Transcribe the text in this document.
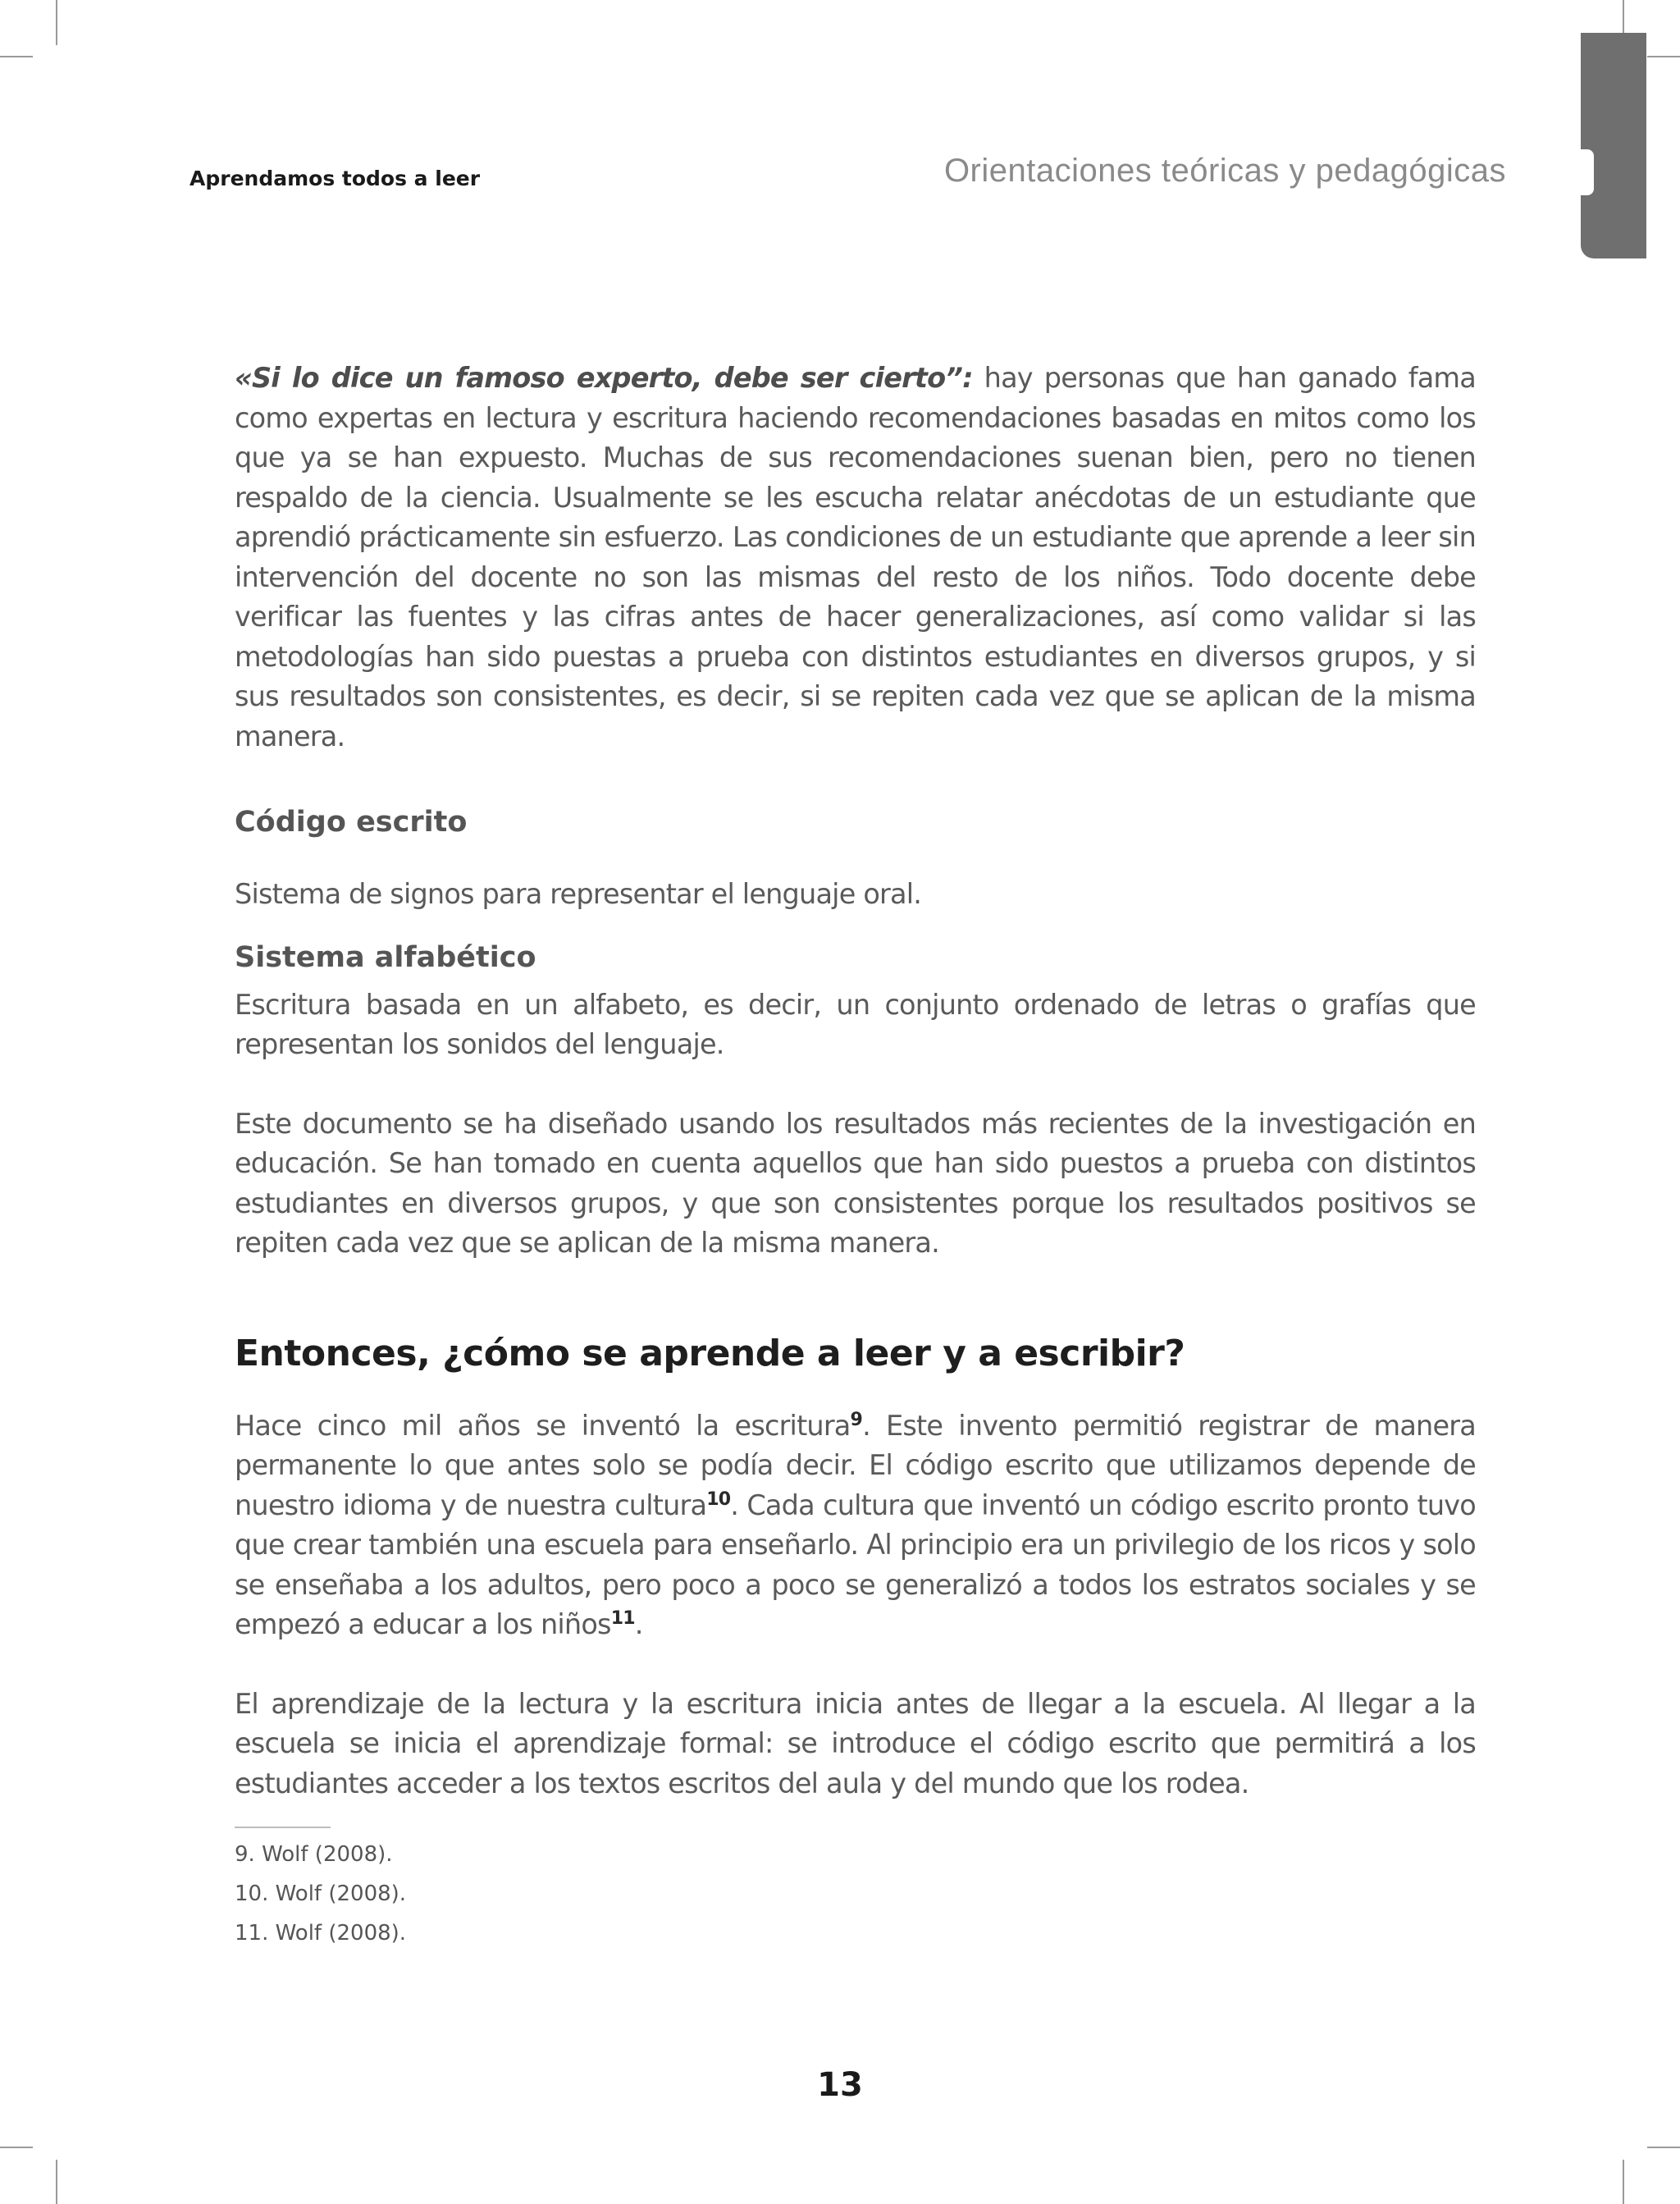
Aprendamos todos a leer	Orientaciones teóricas y pedagógicas

«Si lo dice un famoso experto, debe ser cierto”: hay personas que han ganado fama como expertas en lectura y escritura haciendo recomendaciones basadas en mitos como los que ya se han expuesto. Muchas de sus recomendaciones suenan bien, pero no tienen respaldo de la ciencia. Usualmente se les escucha relatar anécdotas de un estudiante que aprendió prácticamente sin esfuerzo. Las condiciones de un estudiante que aprende a leer sin intervención del docente no son las mismas del resto de los niños. Todo docente debe verificar las fuentes y las cifras antes de hacer generalizaciones, así como validar si las metodologías han sido puestas a prueba con distintos estudiantes en diversos grupos, y si sus resultados son consistentes, es decir, si se repiten cada vez que se aplican de la misma manera.

Código escrito

Sistema de signos para representar el lenguaje oral.

Sistema alfabético

Escritura basada en un alfabeto, es decir, un conjunto ordenado de letras o grafías que representan los sonidos del lenguaje.

Este documento se ha diseñado usando los resultados más recientes de la investigación en educación. Se han tomado en cuenta aquellos que han sido puestos a prueba con distintos estudiantes en diversos grupos, y que son consistentes porque los resultados positivos se repiten cada vez que se aplican de la misma manera.

Entonces, ¿cómo se aprende a leer y a escribir?

Hace cinco mil años se inventó la escritura$^9$. Este invento permitió registrar de manera permanente lo que antes solo se podía decir. El código escrito que utilizamos depende de nuestro idioma y de nuestra cultura$^{10}$. Cada cultura que inventó un código escrito pronto tuvo que crear también una escuela para enseñarlo. Al principio era un privilegio de los ricos y solo se enseñaba a los adultos, pero poco a poco se generalizó a todos los estratos sociales y se empezó a educar a los niños$^{11}$.

El aprendizaje de la lectura y la escritura inicia antes de llegar a la escuela. Al llegar a la escuela se inicia el aprendizaje formal: se introduce el código escrito que permitirá a los estudiantes acceder a los textos escritos del aula y del mundo que los rodea.

9. Wolf (2008).
10. Wolf (2008).
11. Wolf (2008).
13
